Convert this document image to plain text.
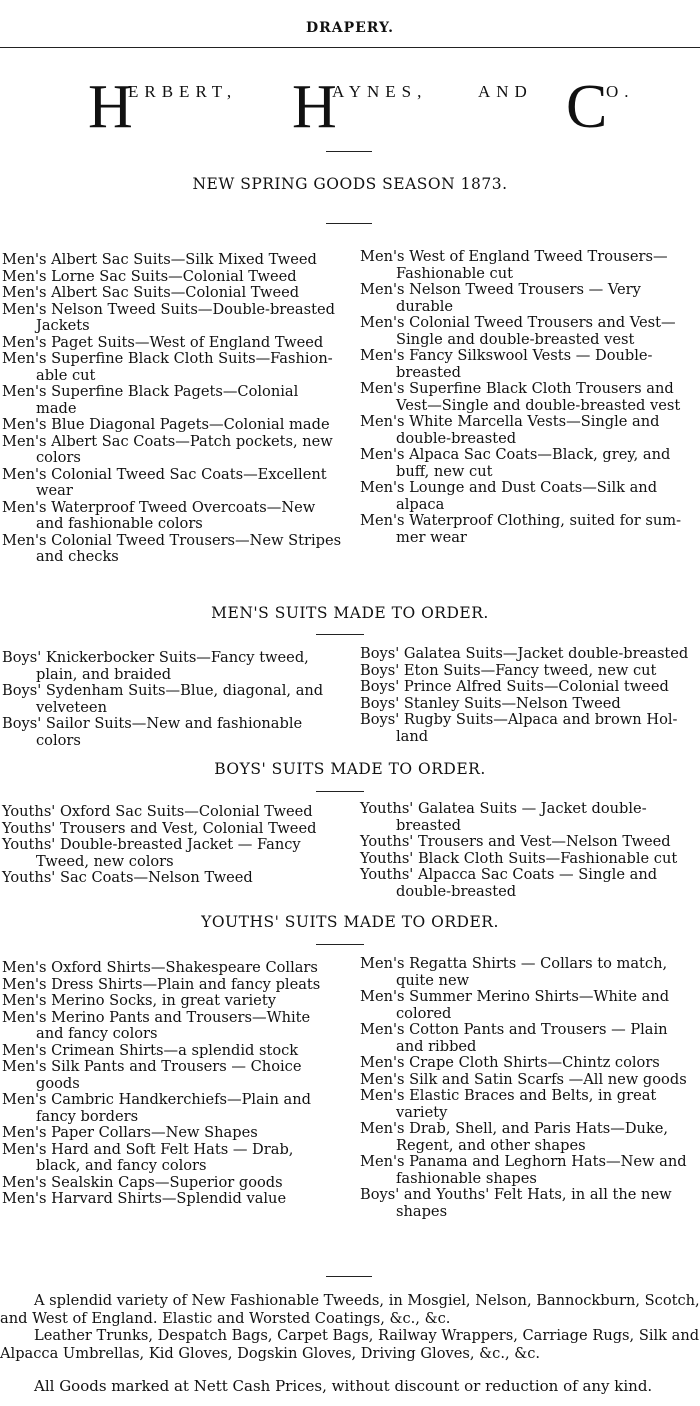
DRAPERY.
H
ERBERT, H
AYNES,	AND C
O.
NEW SPRING GOODS SEASON 1873.
Men's Albert Sac Suits—Silk Mixed Tweed
Men's Lorne Sac Suits—Colonial Tweed
Men's Albert Sac Suits—Colonial Tweed
Men's Nelson Tweed Suits—Double-breasted
Jackets
Men's Paget Suits—West of England Tweed
Men's Superfine Black Cloth Suits—Fashion-
able cut
Men's Superfine Black Pagets—Colonial
made
Men's Blue Diagonal Pagets—Colonial made
Men's Albert Sac Coats—Patch pockets, new
colors
Men's Colonial Tweed Sac Coats—Excellent
wear
Men's Waterproof Tweed Overcoats—New
and fashionable colors
Men's Colonial Tweed Trousers—New Stripes
and checks
Men's West of England Tweed Trousers—
Fashionable cut
Men's Nelson Tweed Trousers — Very
durable
Men's Colonial Tweed Trousers and Vest—
Single and double-breasted vest
Men's Fancy Silkswool Vests — Double-
breasted
Men's Superfine Black Cloth Trousers and
Vest—Single and double-breasted vest
Men's White Marcella Vests—Single and
double-breasted
Men's Alpaca Sac Coats—Black, grey, and
buff, new cut
Men's Lounge and Dust Coats—Silk and
alpaca
Men's Waterproof Clothing, suited for sum-
mer wear
MEN'S SUITS MADE TO ORDER.
Boys' Knickerbocker Suits—Fancy tweed,
plain, and braided
Boys' Sydenham Suits—Blue, diagonal, and
velveteen
Boys' Sailor Suits—New and fashionable
colors
Boys' Galatea Suits—Jacket double-breasted
Boys' Eton Suits—Fancy tweed, new cut
Boys' Prince Alfred Suits—Colonial tweed
Boys' Stanley Suits—Nelson Tweed
Boys' Rugby Suits—Alpaca and brown Hol-
land
BOYS' SUITS MADE TO ORDER.
Youths' Oxford Sac Suits—Colonial Tweed
Youths' Trousers and Vest, Colonial Tweed
Youths' Double-breasted Jacket — Fancy
Tweed, new colors
Youths' Sac Coats—Nelson Tweed
Youths' Galatea Suits — Jacket double-
breasted
Youths' Trousers and Vest—Nelson Tweed
Youths' Black Cloth Suits—Fashionable cut
Youths' Alpacca Sac Coats — Single and
double-breasted
YOUTHS' SUITS MADE TO ORDER.
Men's Oxford Shirts—Shakespeare Collars
Men's Dress Shirts—Plain and fancy pleats
Men's Merino Socks, in great variety
Men's Merino Pants and Trousers—White
and fancy colors
Men's Crimean Shirts—a splendid stock
Men's Silk Pants and Trousers — Choice
goods
Men's Cambric Handkerchiefs—Plain and
fancy borders
Men's Paper Collars—New Shapes
Men's Hard and Soft Felt Hats — Drab,
black, and fancy colors
Men's Sealskin Caps—Superior goods
Men's Harvard Shirts—Splendid value
Men's Regatta Shirts — Collars to match,
quite new
Men's Summer Merino Shirts—White and
colored
Men's Cotton Pants and Trousers — Plain
and ribbed
Men's Crape Cloth Shirts—Chintz colors
Men's Silk and Satin Scarfs —All new goods
Men's Elastic Braces and Belts, in great
variety
Men's Drab, Shell, and Paris Hats—Duke,
Regent, and other shapes
Men's Panama and Leghorn Hats—New and
fashionable shapes
Boys' and Youths' Felt Hats, in all the new
shapes

A splendid variety of New Fashionable Tweeds, in Mosgiel, Nelson, Bannockburn, Scotch, and West of England. Elastic and Worsted Coatings, &c., &c.

Leather Trunks, Despatch Bags, Carpet Bags, Railway Wrappers, Carriage Rugs, Silk and Alpacca Umbrellas, Kid Gloves, Dogskin Gloves, Driving Gloves, &c., &c.

All Goods marked at Nett Cash Prices, without discount or reduction of any kind.
